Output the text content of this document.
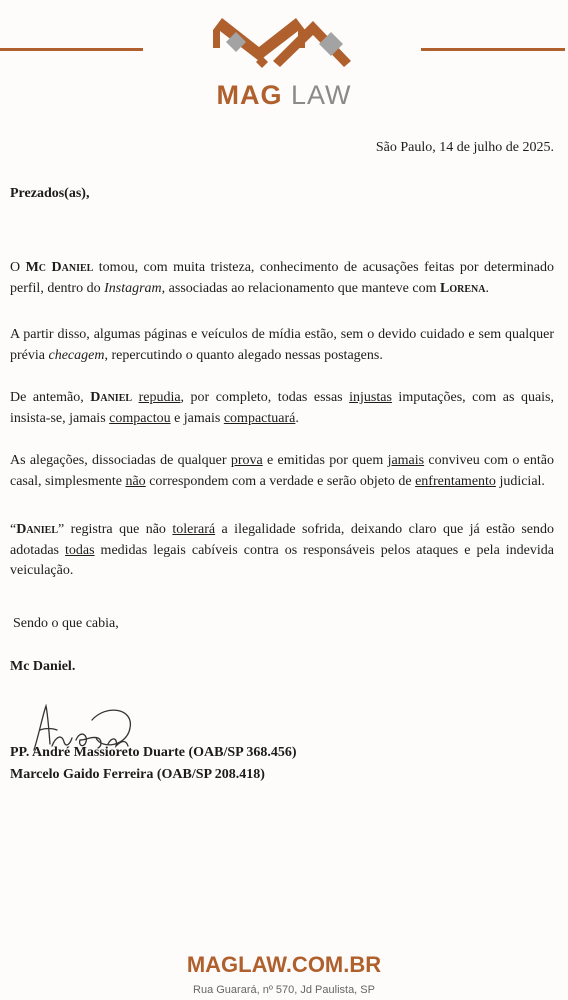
MAG LAW
São Paulo, 14 de julho de 2025.
Prezados(as),

O Mc Daniel tomou, com muita tristeza, conhecimento de acusações feitas por determinado perfil, dentro do Instagram, associadas ao relacionamento que manteve com Lorena.

A partir disso, algumas páginas e veículos de mídia estão, sem o devido cuidado e sem qualquer prévia checagem, repercutindo o quanto alegado nessas postagens.

De antemão, Daniel repudia, por completo, todas essas injustas imputações, com as quais, insista-se, jamais compactou e jamais compactuará.

As alegações, dissociadas de qualquer prova e emitidas por quem jamais conviveu com o então casal, simplesmente não correspondem com a verdade e serão objeto de enfrentamento judicial.

“Daniel” registra que não tolerará a ilegalidade sofrida, deixando claro que já estão sendo adotadas todas medidas legais cabíveis contra os responsáveis pelos ataques e pela indevida veiculação.

Sendo o que cabia,
Mc Daniel.
PP. André Massioreto Duarte (OAB/SP 368.456)
Marcelo Gaido Ferreira (OAB/SP 208.418)
MAGLAW.COM.BR
Rua Guarará, nº 570, Jd Paulista, SP
